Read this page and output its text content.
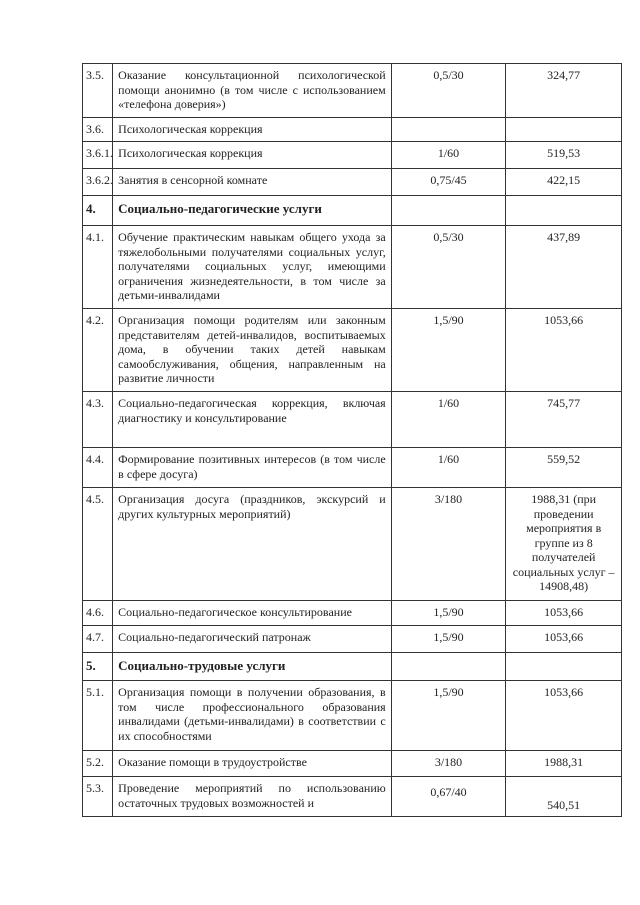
3.5.	Оказание консультационной психологической помощи анонимно (в том числе с использованием «телефона доверия»)	0,5/30	324,77
3.6.	Психологическая коррекция		
3.6.1.	Психологическая коррекция	1/60	519,53
3.6.2.	Занятия в сенсорной комнате	0,75/45	422,15
4.	Социально-педагогические услуги		
4.1.	Обучение практическим навыкам общего ухода за тяжелобольными получателями социальных услуг, получателями социальных услуг, имеющими ограничения жизнедеятельности, в том числе за детьми-инвалидами	0,5/30	437,89
4.2.	Организация помощи родителям или законным представителям детей-инвалидов, воспитываемых дома, в обучении таких детей навыкам самообслуживания, общения, направленным на развитие личности	1,5/90	1053,66
4.3.	Социально-педагогическая коррекция, включая диагностику и консультирование	1/60	745,77
4.4.	Формирование позитивных интересов (в том числе в сфере досуга)	1/60	559,52
4.5.	Организация досуга (праздников, экскурсий и других культурных мероприятий)	3/180	1988,31 (при проведении мероприятия в группе из 8 получателей социальных услуг – 14908,48)
4.6.	Социально-педагогическое консультирование	1,5/90	1053,66
4.7.	Социально-педагогический патронаж	1,5/90	1053,66
5.	Социально-трудовые услуги		
5.1.	Организация помощи в получении образования, в том числе профессионального образования инвалидами (детьми-инвалидами) в соответствии с их способностями	1,5/90	1053,66
5.2.	Оказание помощи в трудоустройстве	3/180	1988,31
5.3.	Проведение мероприятий по использованию остаточных трудовых возможностей и	0,67/40	540,51
